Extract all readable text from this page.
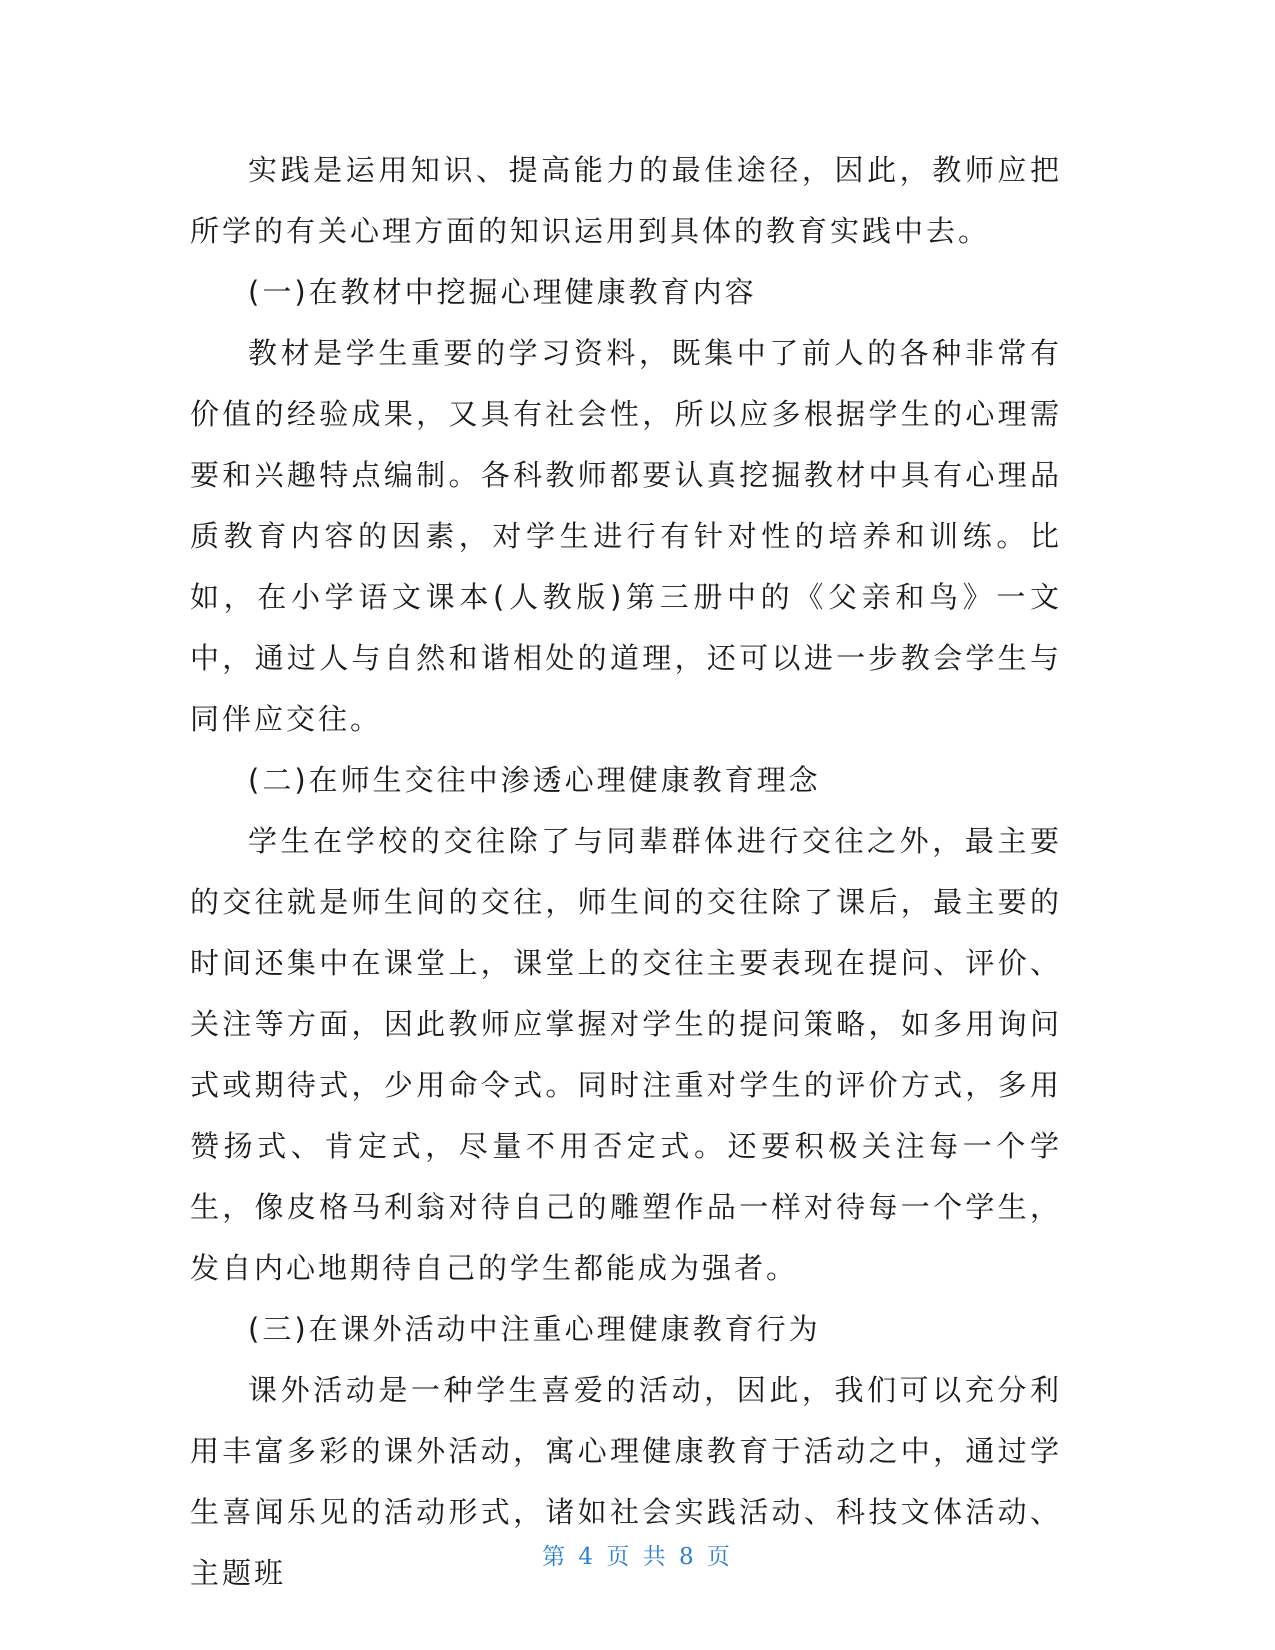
实践是运用知识、提高能力的最佳途径，因此，教师应把所学的有关心理方面的知识运用到具体的教育实践中去。

(一)在教材中挖掘心理健康教育内容

教材是学生重要的学习资料，既集中了前人的各种非常有价值的经验成果，又具有社会性，所以应多根据学生的心理需要和兴趣特点编制。各科教师都要认真挖掘教材中具有心理品质教育内容的因素，对学生进行有针对性的培养和训练。比如，在小学语文课本(人教版)第三册中的《父亲和鸟》一文中，通过人与自然和谐相处的道理，还可以进一步教会学生与同伴应交往。

(二)在师生交往中渗透心理健康教育理念

学生在学校的交往除了与同辈群体进行交往之外，最主要的交往就是师生间的交往，师生间的交往除了课后，最主要的时间还集中在课堂上，课堂上的交往主要表现在提问、评价、关注等方面，因此教师应掌握对学生的提问策略，如多用询问式或期待式，少用命令式。同时注重对学生的评价方式，多用赞扬式、肯定式，尽量不用否定式。还要积极关注每一个学生，像皮格马利翁对待自己的雕塑作品一样对待每一个学生，发自内心地期待自己的学生都能成为强者。

(三)在课外活动中注重心理健康教育行为

课外活动是一种学生喜爱的活动，因此，我们可以充分利用丰富多彩的课外活动，寓心理健康教育于活动之中，通过学生喜闻乐见的活动形式，诸如社会实践活动、科技文体活动、主题班	第 4 页 共 8 页
